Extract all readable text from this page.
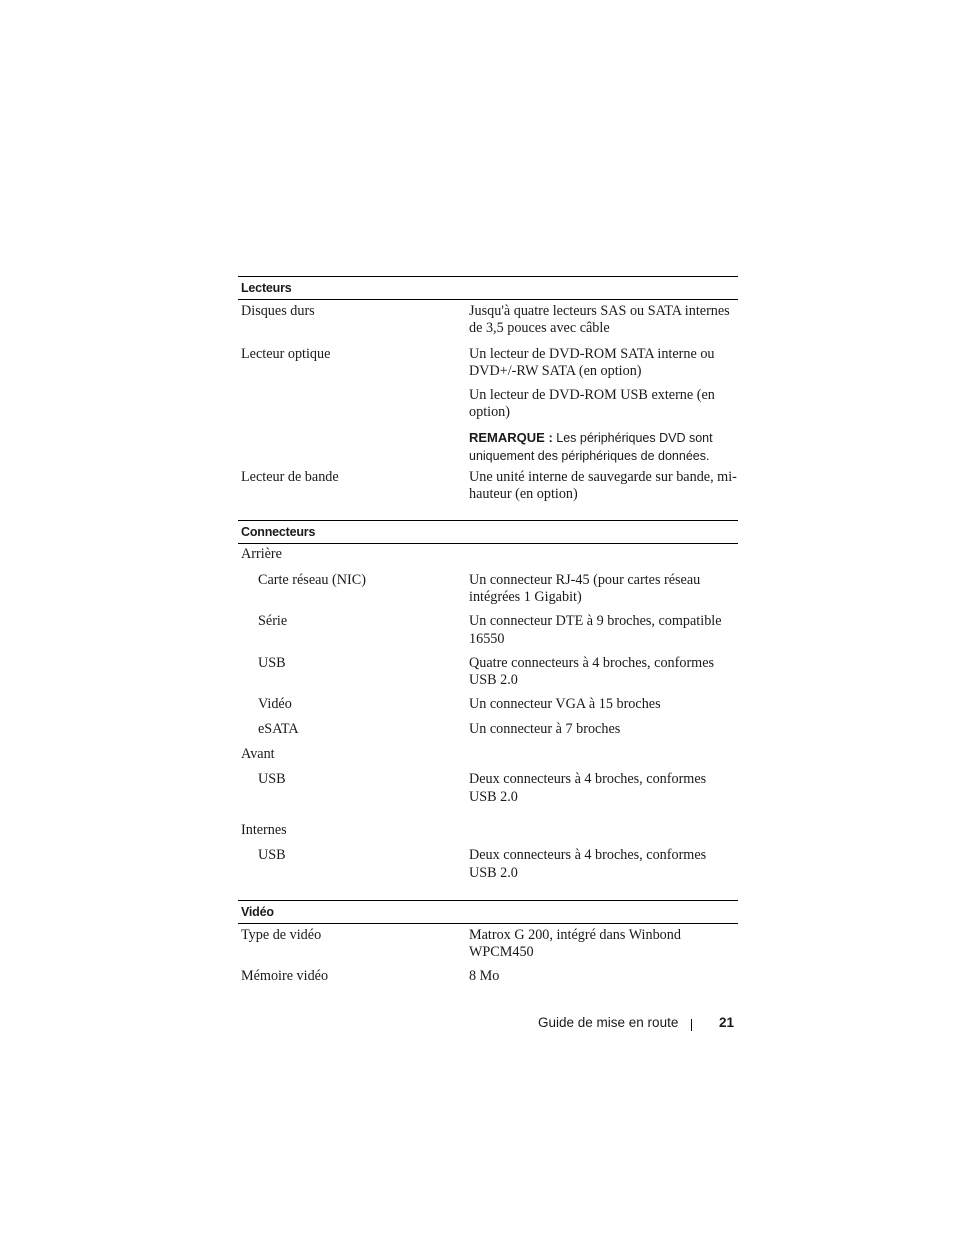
Lecteurs
Disques durs	Jusqu'à quatre lecteurs SAS ou SATA internes de 3,5 pouces avec câble
Lecteur optique	Un lecteur de DVD-ROM SATA interne ou DVD+/-RW SATA (en option)

Un lecteur de DVD-ROM USB externe (en option)

REMARQUE : Les périphériques DVD sont uniquement des périphériques de données.

Lecteur de bande	Une unité interne de sauvegarde sur bande, mi-hauteur (en option)
Connecteurs
Arrière
Carte réseau (NIC)	Un connecteur RJ-45 (pour cartes réseau intégrées 1 Gigabit)
Série	Un connecteur DTE à 9 broches, compatible 16550
USB	Quatre connecteurs à 4 broches, conformes USB 2.0
Vidéo	Un connecteur VGA à 15 broches
eSATA	Un connecteur à 7 broches
Avant
USB	Deux connecteurs à 4 broches, conformes USB 2.0
Internes
USB	Deux connecteurs à 4 broches, conformes USB 2.0
Vidéo
Type de vidéo	Matrox G 200, intégré dans Winbond WPCM450
Mémoire vidéo	8 Mo
Guide de mise en route	21
